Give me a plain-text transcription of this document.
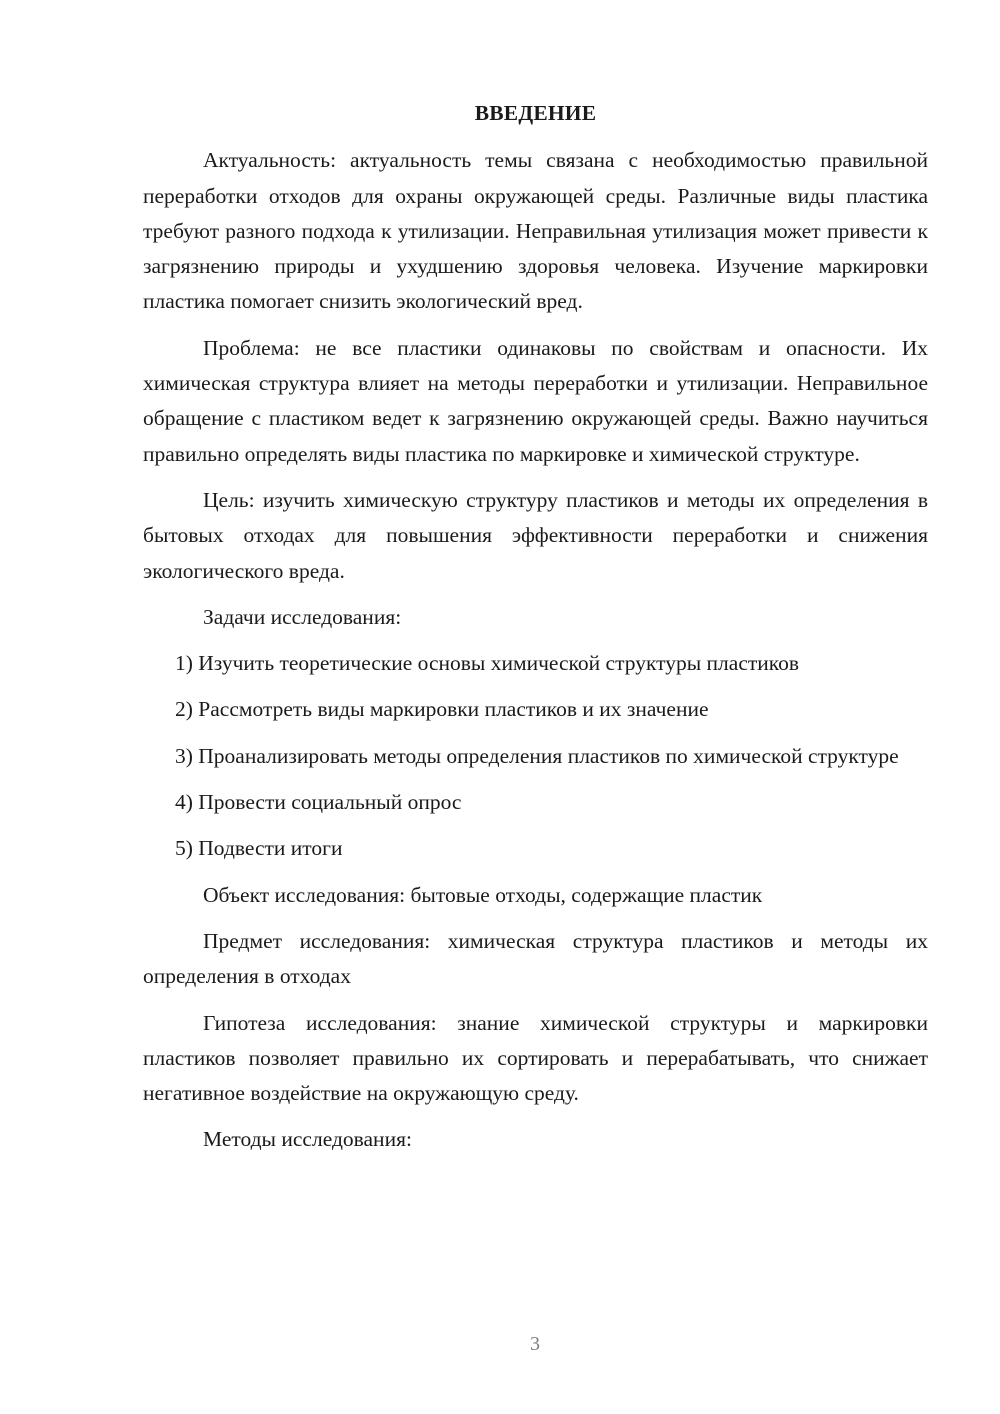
ВВЕДЕНИЕ

Актуальность: актуальность темы связана с необходимостью правильной переработки отходов для охраны окружающей среды. Различные виды пластика требуют разного подхода к утилизации. Неправильная утилизация может привести к загрязнению природы и ухудшению здоровья человека. Изучение маркировки пластика помогает снизить экологический вред.

Проблема: не все пластики одинаковы по свойствам и опасности. Их химическая структура влияет на методы переработки и утилизации. Неправильное обращение с пластиком ведет к загрязнению окружающей среды. Важно научиться правильно определять виды пластика по маркировке и химической структуре.

Цель: изучить химическую структуру пластиков и методы их определения в бытовых отходах для повышения эффективности переработки и снижения экологического вреда.

Задачи исследования:

1) Изучить теоретические основы химической структуры пластиков

2) Рассмотреть виды маркировки пластиков и их значение

3) Проанализировать методы определения пластиков по химической структуре

4) Провести социальный опрос

5) Подвести итоги

Объект исследования: бытовые отходы, содержащие пластик

Предмет исследования: химическая структура пластиков и методы их определения в отходах

Гипотеза исследования: знание химической структуры и маркировки пластиков позволяет правильно их сортировать и перерабатывать, что снижает негативное воздействие на окружающую среду.

Методы исследования:

3
